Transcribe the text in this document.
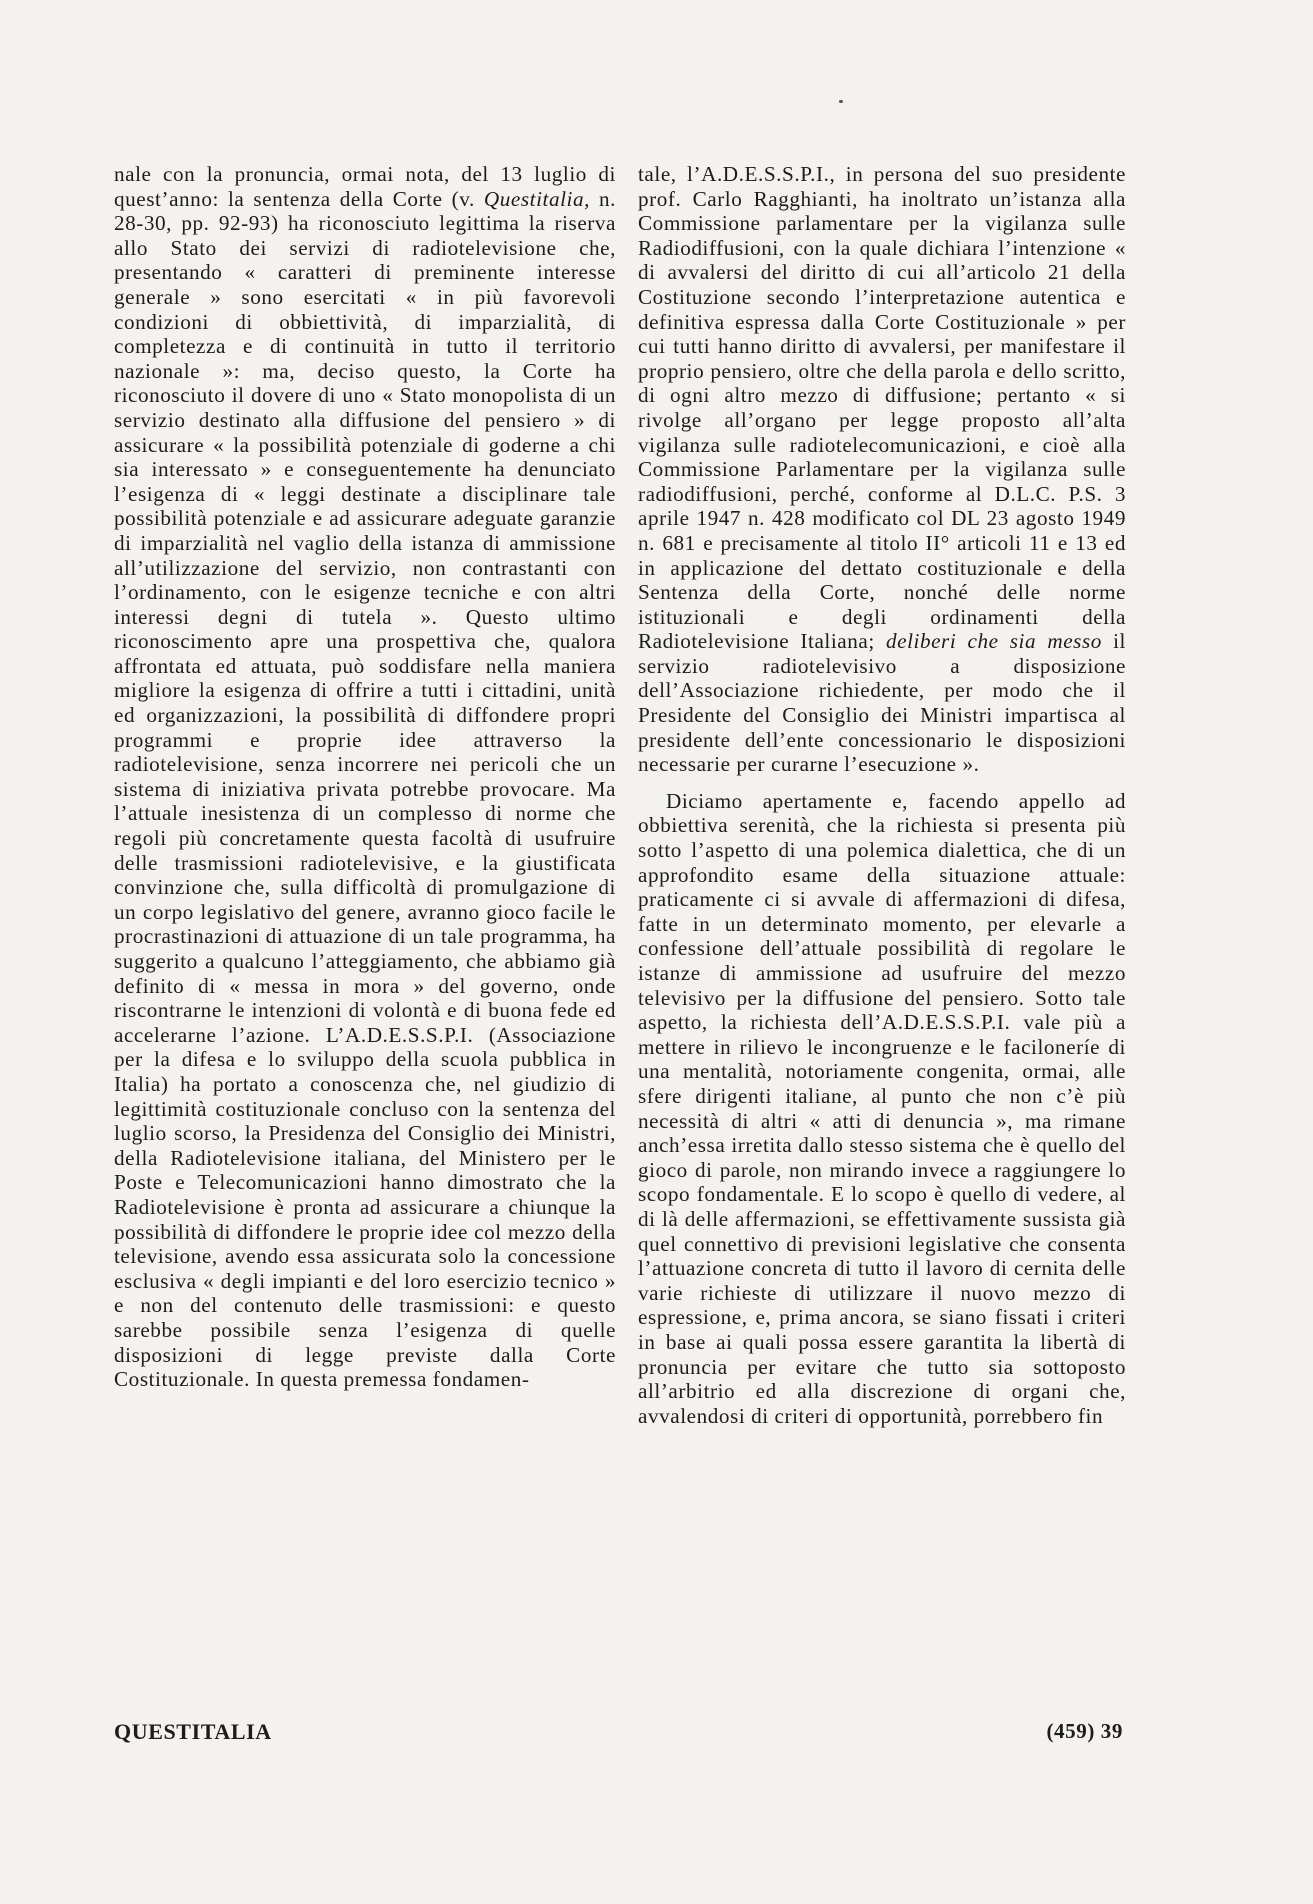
nale con la pronuncia, ormai nota, del 13 luglio di quest’anno: la sentenza della Corte (v. Questitalia, n. 28-30, pp. 92-93) ha riconosciuto legittima la riserva allo Stato dei servizi di radiotelevisione che, presentando « caratteri di preminente interesse generale » sono esercitati « in più favorevoli condizioni di obbiettività, di imparzialità, di completezza e di continuità in tutto il territorio nazionale »: ma, deciso questo, la Corte ha riconosciuto il dovere di uno « Stato monopolista di un servizio destinato alla diffusione del pensiero » di assicurare « la possibilità potenziale di goderne a chi sia interessato » e conseguentemente ha denunciato l’esigenza di « leggi destinate a disciplinare tale possibilità potenziale e ad assicurare adeguate garanzie di imparzialità nel vaglio della istanza di ammissione all’utilizzazione del servizio, non contrastanti con l’ordinamento, con le esigenze tecniche e con altri interessi degni di tutela ». Questo ultimo riconoscimento apre una prospettiva che, qualora affrontata ed attuata, può soddisfare nella maniera migliore la esigenza di offrire a tutti i cittadini, unità ed organizzazioni, la possibilità di diffondere propri programmi e proprie idee attraverso la radiotelevisione, senza incorrere nei pericoli che un sistema di iniziativa privata potrebbe provocare. Ma l’attuale inesistenza di un complesso di norme che regoli più concretamente questa facoltà di usufruire delle trasmissioni radiotelevisive, e la giustificata convinzione che, sulla difficoltà di promulgazione di un corpo legislativo del genere, avranno gioco facile le procrastinazioni di attuazione di un tale programma, ha suggerito a qualcuno l’atteggiamento, che abbiamo già definito di « messa in mora » del governo, onde riscontrarne le intenzioni di volontà e di buona fede ed accelerarne l’azione. L’A.D.E.S.S.P.I. (Associazione per la difesa e lo sviluppo della scuola pubblica in Italia) ha portato a conoscenza che, nel giudizio di legittimità costituzionale concluso con la sentenza del luglio scorso, la Presidenza del Consiglio dei Ministri, della Radiotelevisione italiana, del Ministero per le Poste e Telecomunicazioni hanno dimostrato che la Radiotelevisione è pronta ad assicurare a chiunque la possibilità di diffondere le proprie idee col mezzo della televisione, avendo essa assicurata solo la concessione esclusiva « degli impianti e del loro esercizio tecnico » e non del contenuto delle trasmissioni: e questo sarebbe possibile senza l’esigenza di quelle disposizioni di legge previste dalla Corte Costituzionale. In questa premessa fondamen-

tale, l’A.D.E.S.S.P.I., in persona del suo presidente prof. Carlo Ragghianti, ha inoltrato un’istanza alla Commissione parlamentare per la vigilanza sulle Radiodiffusioni, con la quale dichiara l’intenzione « di avvalersi del diritto di cui all’articolo 21 della Costituzione secondo l’interpretazione autentica e definitiva espressa dalla Corte Costituzionale » per cui tutti hanno diritto di avvalersi, per manifestare il proprio pensiero, oltre che della parola e dello scritto, di ogni altro mezzo di diffusione; pertanto « si rivolge all’organo per legge proposto all’alta vigilanza sulle radiotelecomunicazioni, e cioè alla Commissione Parlamentare per la vigilanza sulle radiodiffusioni, perché, conforme al D.L.C. P.S. 3 aprile 1947 n. 428 modificato col DL 23 agosto 1949 n. 681 e precisamente al titolo II° articoli 11 e 13 ed in applicazione del dettato costituzionale e della Sentenza della Corte, nonché delle norme istituzionali e degli ordinamenti della Radiotelevisione Italiana; deliberi che sia messo il servizio radiotelevisivo a disposizione dell’Associazione richiedente, per modo che il Presidente del Consiglio dei Ministri impartisca al presidente dell’ente concessionario le disposizioni necessarie per curarne l’esecuzione ».

Diciamo apertamente e, facendo appello ad obbiettiva serenità, che la richiesta si presenta più sotto l’aspetto di una polemica dialettica, che di un approfondito esame della situazione attuale: praticamente ci si avvale di affermazioni di difesa, fatte in un determinato momento, per elevarle a confessione dell’attuale possibilità di regolare le istanze di ammissione ad usufruire del mezzo televisivo per la diffusione del pensiero. Sotto tale aspetto, la richiesta dell’A.D.E.S.S.P.I. vale più a mettere in rilievo le incongruenze e le faciloneríe di una mentalità, notoriamente congenita, ormai, alle sfere dirigenti italiane, al punto che non c’è più necessità di altri « atti di denuncia », ma rimane anch’essa irretita dallo stesso sistema che è quello del gioco di parole, non mirando invece a raggiungere lo scopo fondamentale. E lo scopo è quello di vedere, al di là delle affermazioni, se effettivamente sussista già quel connettivo di previsioni legislative che consenta l’attuazione concreta di tutto il lavoro di cernita delle varie richieste di utilizzare il nuovo mezzo di espressione, e, prima ancora, se siano fissati i criteri in base ai quali possa essere garantita la libertà di pronuncia per evitare che tutto sia sottoposto all’arbitrio ed alla discrezione di organi che, avvalendosi di criteri di opportunità, porrebbero fin

QUESTITALIA	(459) 39
